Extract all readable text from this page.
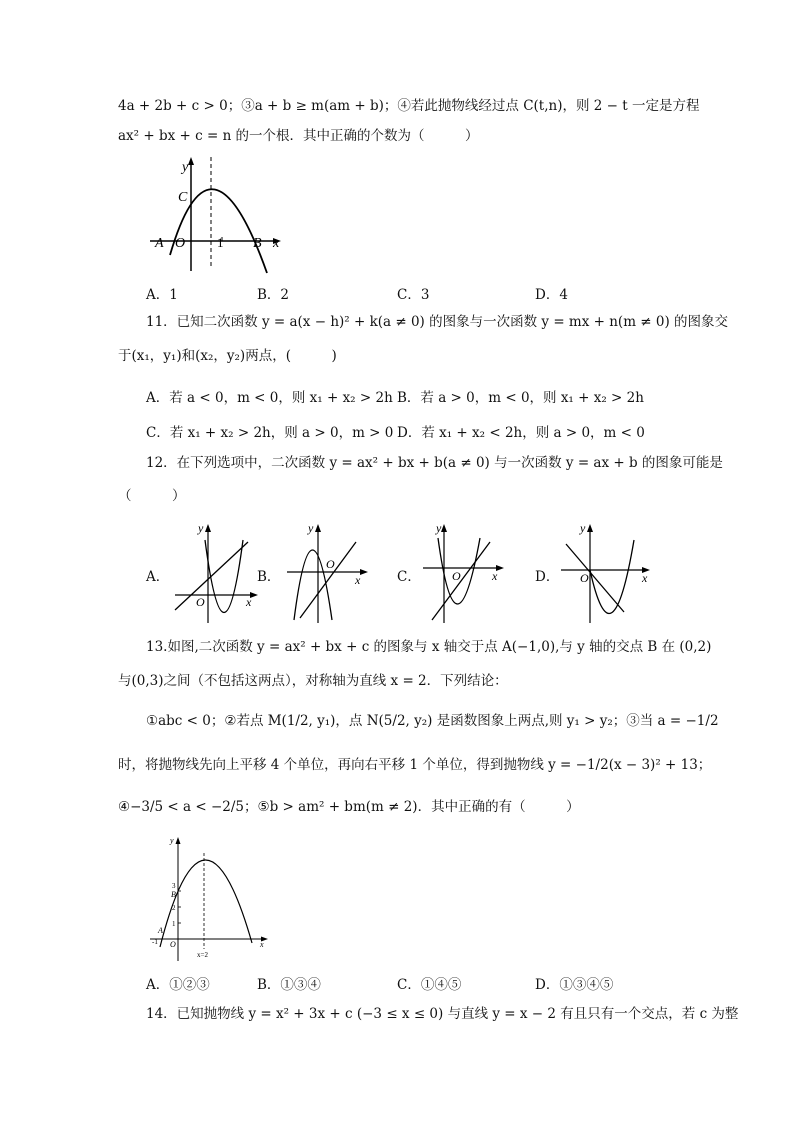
4a + 2b + c > 0；③a + b ≥ m(am + b)；④若此抛物线经过点 C(t,n)，则 2 − t 一定是方程
ax² + bx + c = n 的一个根．其中正确的个数为（　　　）
y
C
A O 1 B x
A．1	B．2	C．3	D．4
11．已知二次函数 y = a(x − h)² + k(a ≠ 0) 的图象与一次函数 y = mx + n(m ≠ 0) 的图象交
于(x₁，y₁)和(x₂，y₂)两点，(　　　)
A．若 a < 0，m < 0，则 x₁ + x₂ > 2h B．若 a > 0，m < 0，则 x₁ + x₂ > 2h
C．若 x₁ + x₂ > 2h，则 a > 0，m > 0 D．若 x₁ + x₂ < 2h，则 a > 0，m < 0
12．在下列选项中，二次函数 y = ax² + bx + b(a ≠ 0) 与一次函数 y = ax + b 的图象可能是
（　　　）
A．
y
x
O
B．
y
x
O
C．
y
x
O	D．
y
x
O
13.如图,二次函数 y = ax² + bx + c 的图象与 x 轴交于点 A(−1,0),与 y 轴的交点 B 在 (0,2)
与(0,3)之间（不包括这两点），对称轴为直线 x = 2．下列结论：
①abc < 0；②若点 M(1/2, y₁)，点 N(5/2, y₂) 是函数图象上两点,则 y₁ > y₂；③当 a = −1/2
时，将抛物线先向上平移 4 个单位，再向右平移 1 个单位，得到抛物线 y = −1/2(x − 3)² + 13；
④−3/5 < a < −2/5；⑤b > am² + bm(m ≠ 2)．其中正确的有（　　　）
y
x
O
A
-1
B
1
2
3
x=2
A．①②③	B．①③④	C．①④⑤	D．①③④⑤
14．已知抛物线 y = x² + 3x + c (−3 ≤ x ≤ 0) 与直线 y = x − 2 有且只有一个交点，若 c 为整
